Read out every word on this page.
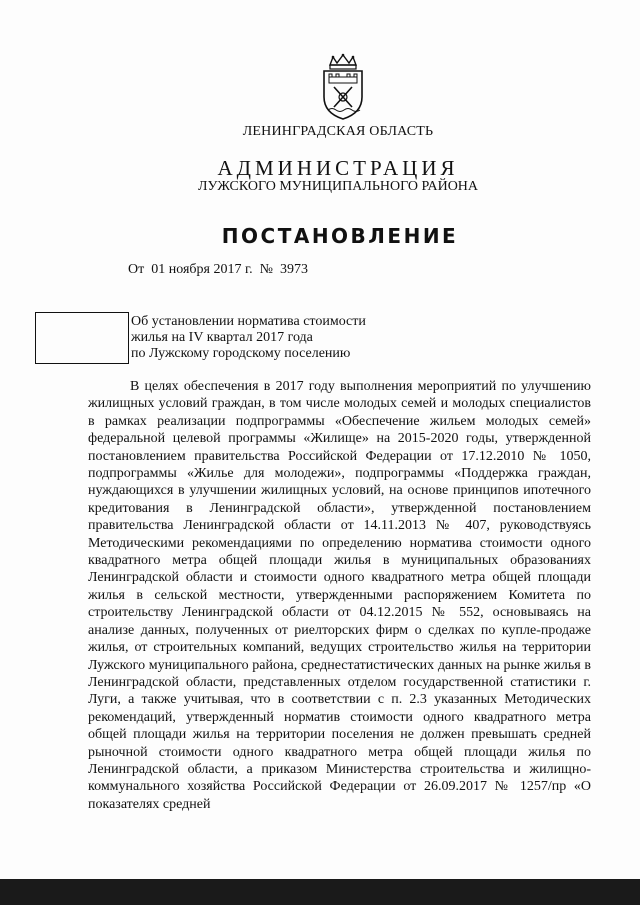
ЛЕНИНГРАДСКАЯ ОБЛАСТЬ
АДМИНИСТРАЦИЯ
ЛУЖСКОГО МУНИЦИПАЛЬНОГО РАЙОНА
ПОСТАНОВЛЕНИЕ
От 01 ноября 2017 г. № 3973
Об установлении норматива стоимости
жилья на IV квартал 2017 года
по Лужскому городскому поселению
В целях обеспечения в 2017 году выполнения мероприятий по улучшению жилищных условий граждан, в том числе молодых семей и молодых специалистов в рамках реализации подпрограммы «Обеспечение жильем молодых семей» федеральной целевой программы «Жилище» на 2015-2020 годы, утвержденной постановлением правительства Российской Федерации от 17.12.2010 № 1050, подпрограммы «Жилье для молодежи», подпрограммы «Поддержка граждан, нуждающихся в улучшении жилищных условий, на основе принципов ипотечного кредитования в Ленинградской области», утвержденной постановлением правительства Ленинградской области от 14.11.2013 № 407, руководствуясь Методическими рекомендациями по определению норматива стоимости одного квадратного метра общей площади жилья в муниципальных образованиях Ленинградской области и стоимости одного квадратного метра общей площади жилья в сельской местности, утвержденными распоряжением Комитета по строительству Ленинградской области от 04.12.2015 № 552, основываясь на анализе данных, полученных от риелторских фирм о сделках по купле-продаже жилья, от строительных компаний, ведущих строительство жилья на территории Лужского муниципального района, среднестатистических данных на рынке жилья в Ленинградской области, представленных отделом государственной статистики г. Луги, а также учитывая, что в соответствии с п. 2.3 указанных Методических рекомендаций, утвержденный норматив стоимости одного квадратного метра общей площади жилья на территории поселения не должен превышать средней рыночной стоимости одного квадратного метра общей площади жилья по Ленинградской области, а приказом Министерства строительства и жилищно-коммунального хозяйства Российской Федерации от 26.09.2017 № 1257/пр «О показателях средней
